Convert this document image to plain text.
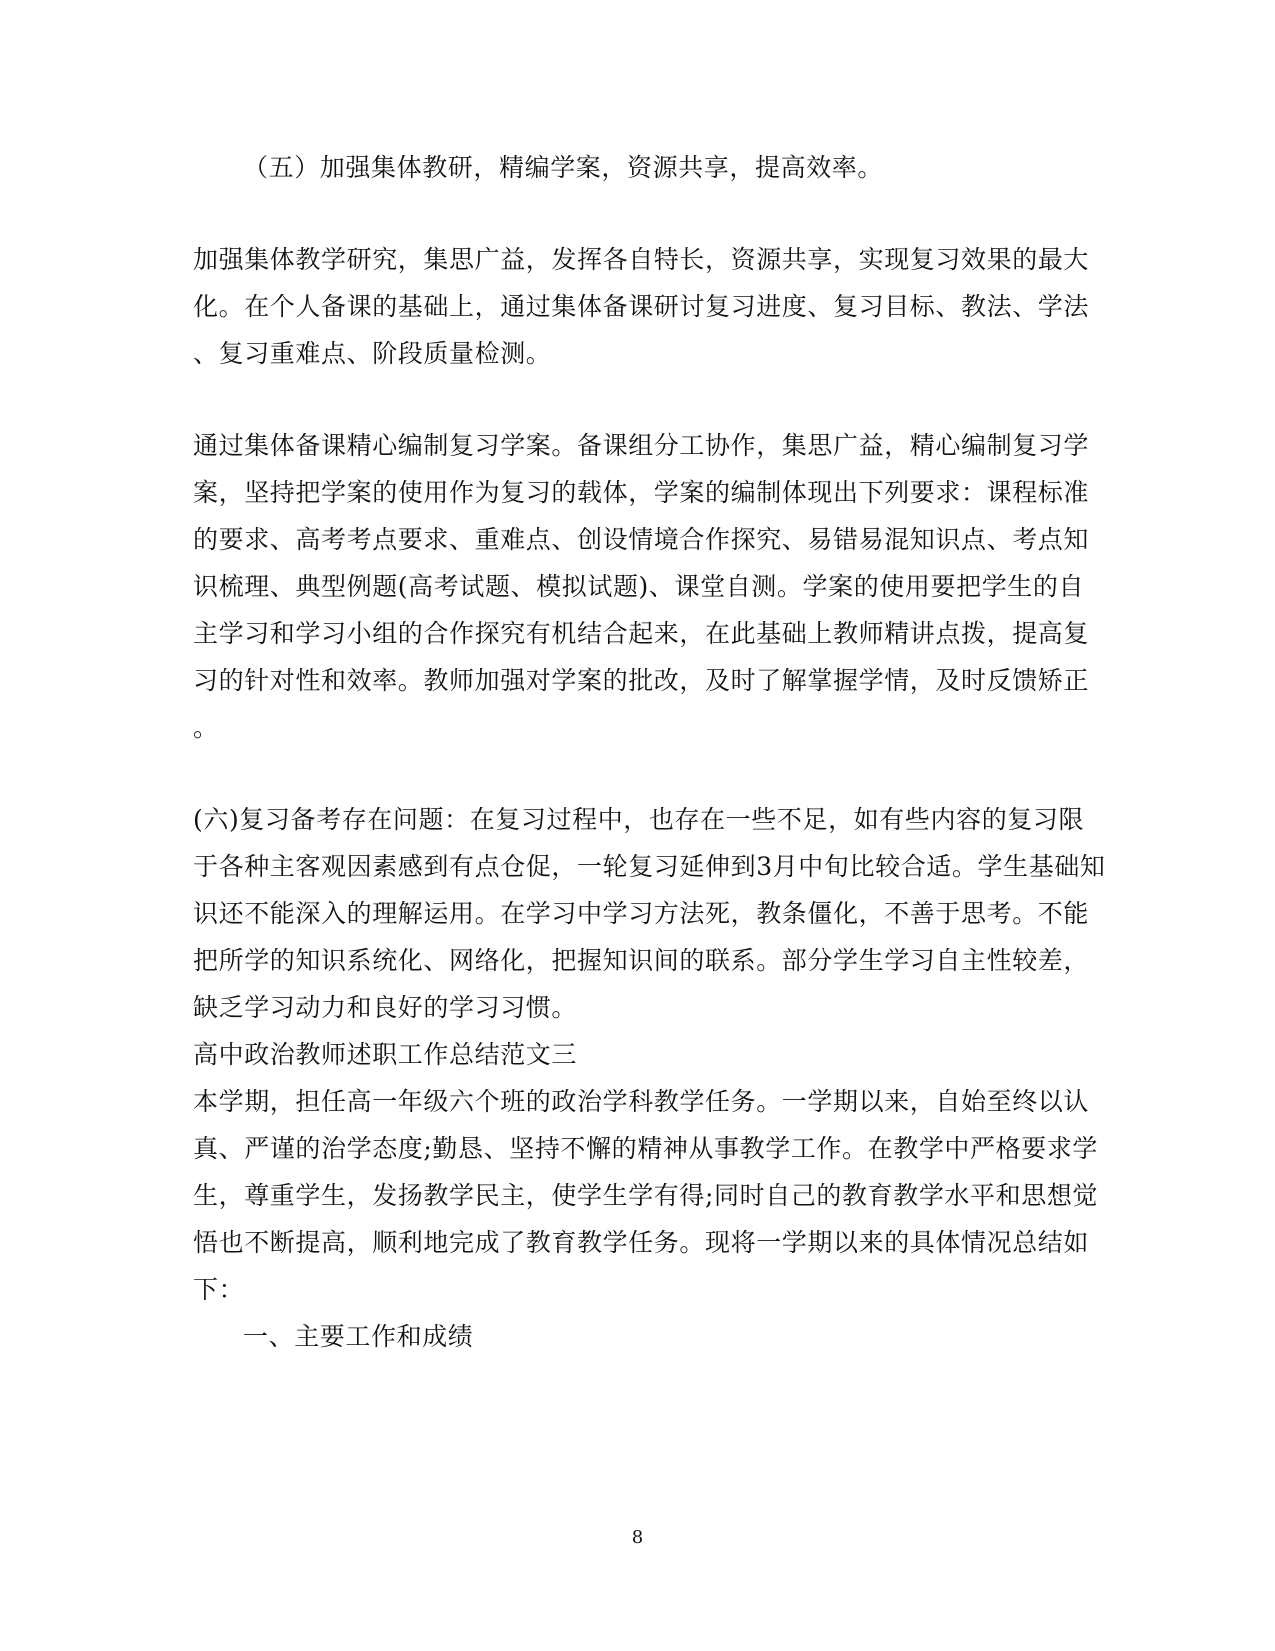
（五）加强集体教研，精编学案，资源共享，提高效率。
加强集体教学研究，集思广益，发挥各自特长，资源共享，实现复习效果的最大
化。在个人备课的基础上，通过集体备课研讨复习进度、复习目标、教法、学法
、复习重难点、阶段质量检测。
通过集体备课精心编制复习学案。备课组分工协作，集思广益，精心编制复习学
案，坚持把学案的使用作为复习的载体，学案的编制体现出下列要求：课程标准
的要求、高考考点要求、重难点、创设情境合作探究、易错易混知识点、考点知
识梳理、典型例题(高考试题、模拟试题)、课堂自测。学案的使用要把学生的自
主学习和学习小组的合作探究有机结合起来，在此基础上教师精讲点拨，提高复
习的针对性和效率。教师加强对学案的批改，及时了解掌握学情，及时反馈矫正
。
(六)复习备考存在问题：在复习过程中，也存在一些不足，如有些内容的复习限
于各种主客观因素感到有点仓促，一轮复习延伸到3月中旬比较合适。学生基础知
识还不能深入的理解运用。在学习中学习方法死，教条僵化，不善于思考。不能
把所学的知识系统化、网络化，把握知识间的联系。部分学生学习自主性较差，
缺乏学习动力和良好的学习习惯。
高中政治教师述职工作总结范文三
本学期，担任高一年级六个班的政治学科教学任务。一学期以来，自始至终以认
真、严谨的治学态度;勤恳、坚持不懈的精神从事教学工作。在教学中严格要求学
生，尊重学生，发扬教学民主，使学生学有得;同时自己的教育教学水平和思想觉
悟也不断提高，顺利地完成了教育教学任务。现将一学期以来的具体情况总结如
下：
一、主要工作和成绩
8
